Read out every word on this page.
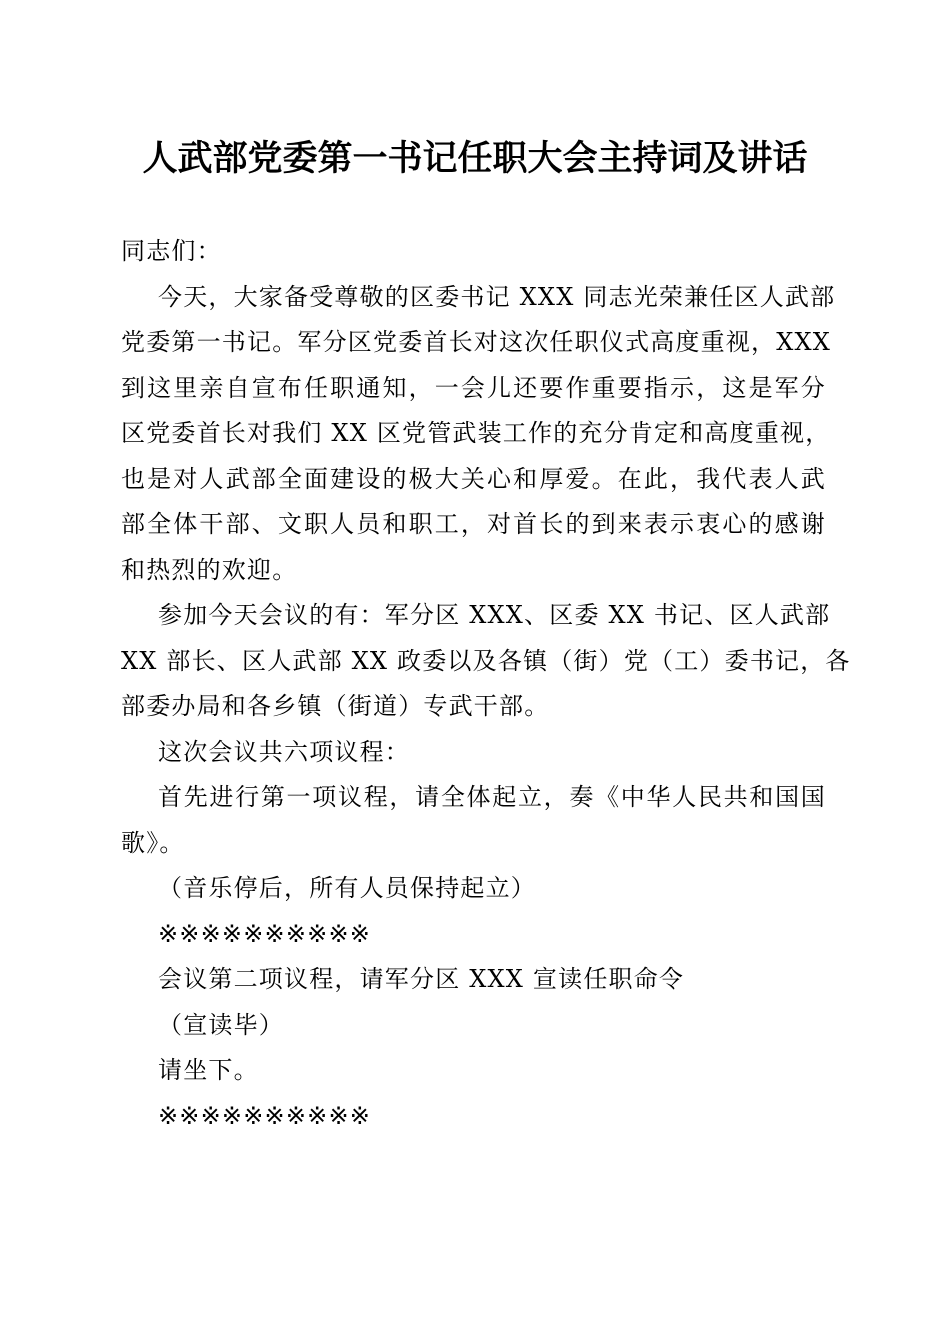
人武部党委第一书记任职大会主持词及讲话
同志们：
今天，大家备受尊敬的区委书记 XXX 同志光荣兼任区人武部
党委第一书记。军分区党委首长对这次任职仪式高度重视，XXX
到这里亲自宣布任职通知，一会儿还要作重要指示，这是军分
区党委首长对我们 XX 区党管武装工作的充分肯定和高度重视，
也是对人武部全面建设的极大关心和厚爱。在此，我代表人武
部全体干部、文职人员和职工，对首长的到来表示衷心的感谢
和热烈的欢迎。
参加今天会议的有：军分区 XXX、区委 XX 书记、区人武部
XX 部长、区人武部 XX 政委以及各镇（街）党（工）委书记，各
部委办局和各乡镇（街道）专武干部。
这次会议共六项议程：
首先进行第一项议程，请全体起立，奏《中华人民共和国国
歌》。
（音乐停后，所有人员保持起立）
※※※※※※※※※※
会议第二项议程，请军分区 XXX 宣读任职命令
（宣读毕）
请坐下。
※※※※※※※※※※
